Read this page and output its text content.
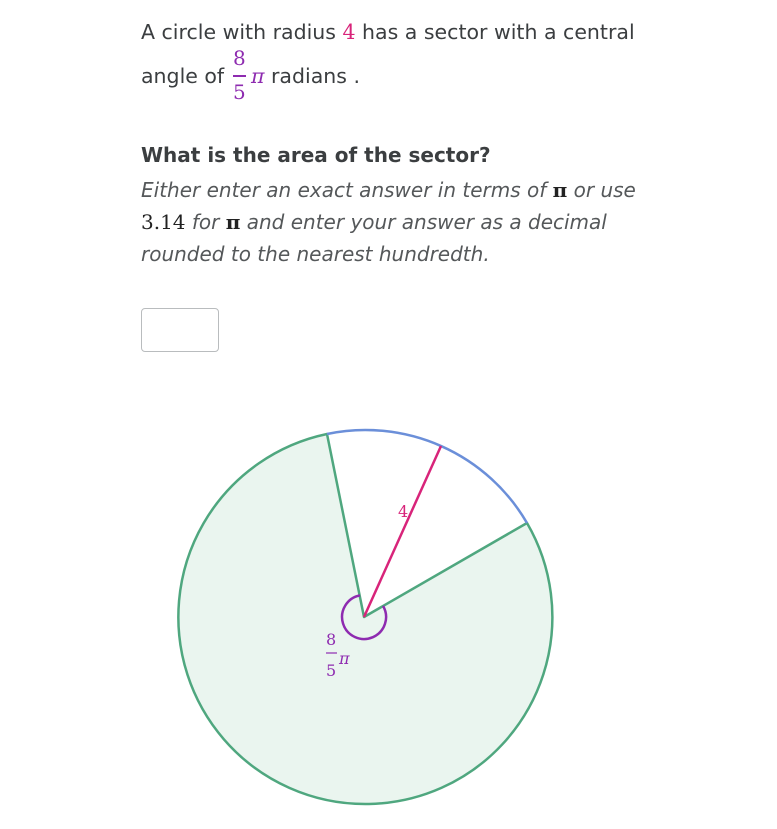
A circle with radius 4 has a sector with a central
angle of
8
5
π radians .
What is the area of the sector?
Either enter an exact answer in terms of π or use 3.14 for π and enter your answer as a decimal rounded to the nearest hundredth.
4
8
5
π
